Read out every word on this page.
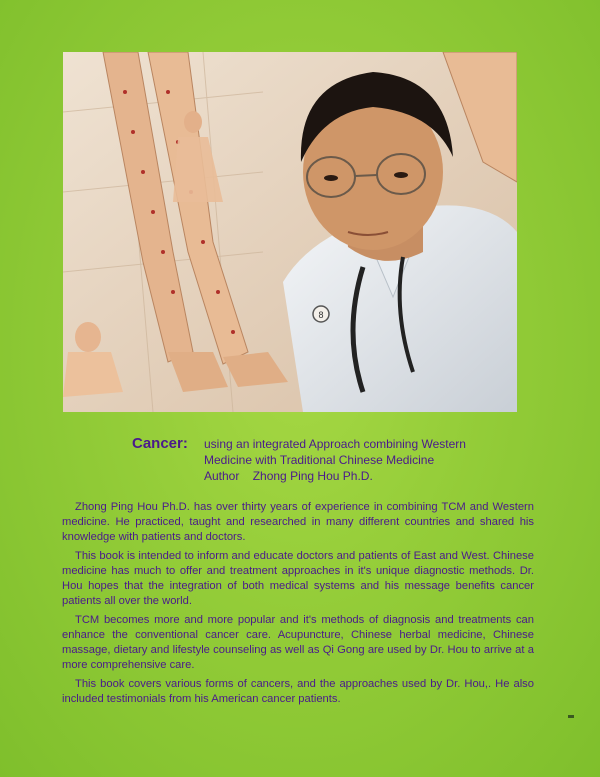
8
Cancer:	using an integrated Approach combining Western
Medicine with Traditional Chinese Medicine
Author Zhong Ping Hou Ph.D.

Zhong Ping Hou Ph.D. has over thirty years of experience in combining TCM and Western medicine. He practiced, taught and researched in many different countries and shared his knowledge with patients and doctors.

This book is intended to inform and educate doctors and patients of East and West. Chinese medicine has much to offer and treatment approaches in it's unique diagnostic methods. Dr. Hou hopes that the integration of both medical systems and his message benefits cancer patients all over the world.

TCM becomes more and more popular and it's methods of diagnosis and treatments can enhance the conventional cancer care. Acupuncture, Chinese herbal medicine, Chinese massage, dietary and lifestyle counseling as well as Qi Gong are used by Dr. Hou to arrive at a more comprehensive care.

This book covers various forms of cancers, and the approaches used by Dr. Hou,. He also included testimonials from his American cancer patients.
